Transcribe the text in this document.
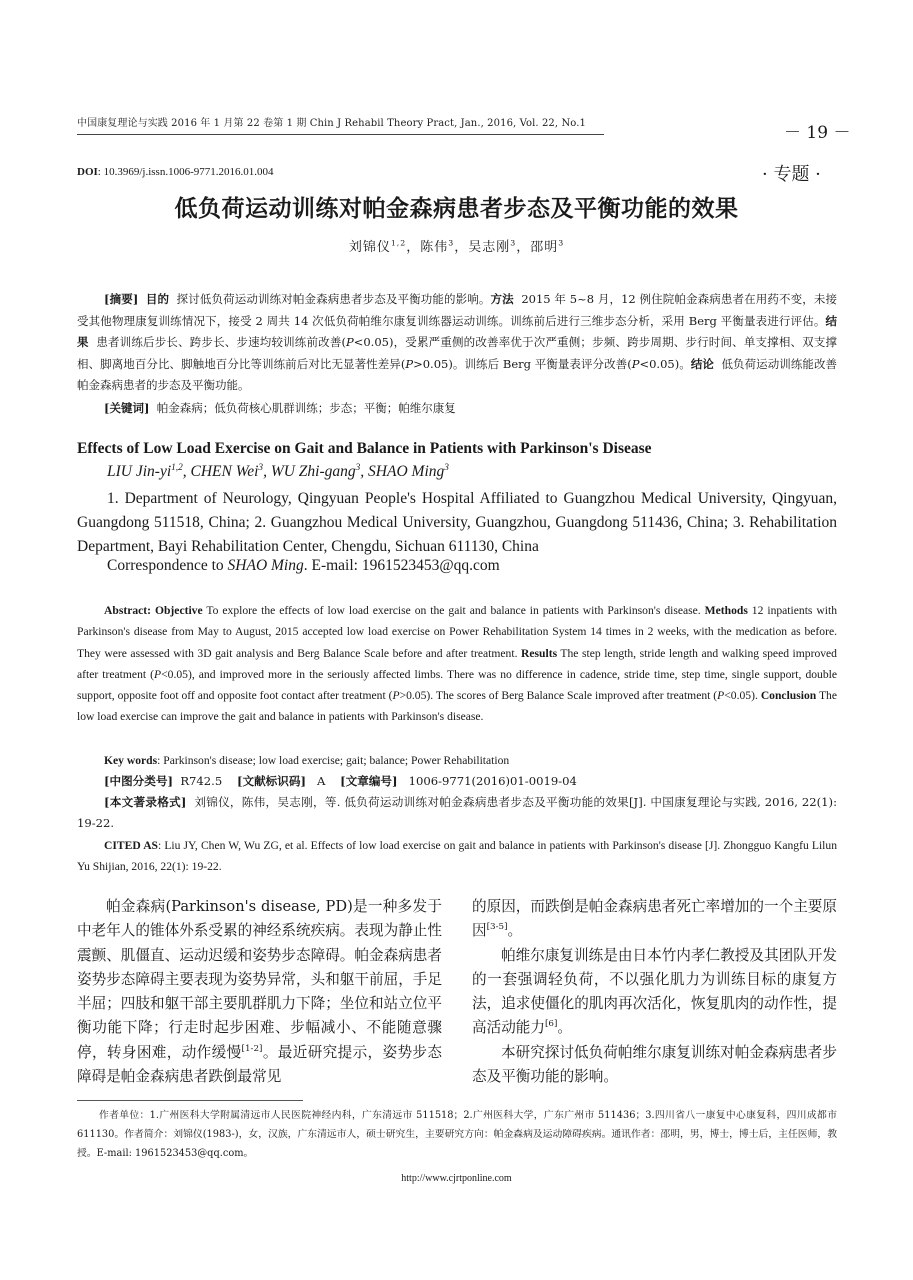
中国康复理论与实践 2016 年 1 月第 22 卷第 1 期 Chin J Rehabil Theory Pract, Jan., 2016, Vol. 22, No.1	－ 19 －
DOI: 10.3969/j.issn.1006-9771.2016.01.004	· 专题 ·
低负荷运动训练对帕金森病患者步态及平衡功能的效果
刘锦仪$^{1,2}$，陈伟$^3$，吴志刚$^3$，邵明$^3$
[摘要] 目的 探讨低负荷运动训练对帕金森病患者步态及平衡功能的影响。方法 2015 年 5~8 月，12 例住院帕金森病患者在用药不变，未接受其他物理康复训练情况下，接受 2 周共 14 次低负荷帕维尔康复训练器运动训练。训练前后进行三维步态分析，采用 Berg 平衡量表进行评估。结果 患者训练后步长、跨步长、步速均较训练前改善(P<0.05)，受累严重侧的改善率优于次严重侧；步频、跨步周期、步行时间、单支撑相、双支撑相、脚离地百分比、脚触地百分比等训练前后对比无显著性差异(P>0.05)。训练后 Berg 平衡量表评分改善(P<0.05)。结论 低负荷运动训练能改善帕金森病患者的步态及平衡功能。
[关键词] 帕金森病；低负荷核心肌群训练；步态；平衡；帕维尔康复
Effects of Low Load Exercise on Gait and Balance in Patients with Parkinson's Disease
LIU Jin-yi$^{1,2}$, CHEN Wei$^3$, WU Zhi-gang$^3$, SHAO Ming$^3$
1. Department of Neurology, Qingyuan People's Hospital Affiliated to Guangzhou Medical University, Qingyuan, Guangdong 511518, China; 2. Guangzhou Medical University, Guangzhou, Guangdong 511436, China; 3. Rehabilitation Department, Bayi Rehabilitation Center, Chengdu, Sichuan 611130, China
Correspondence to SHAO Ming. E-mail: 1961523453@qq.com
Abstract: Objective To explore the effects of low load exercise on the gait and balance in patients with Parkinson's disease. Methods 12 inpatients with Parkinson's disease from May to August, 2015 accepted low load exercise on Power Rehabilitation System 14 times in 2 weeks, with the medication as before. They were assessed with 3D gait analysis and Berg Balance Scale before and after treatment. Results The step length, stride length and walking speed improved after treatment (P<0.05), and improved more in the seriously affected limbs. There was no difference in cadence, stride time, step time, single support, double support, opposite foot off and opposite foot contact after treatment (P>0.05). The scores of Berg Balance Scale improved after treatment (P<0.05). Conclusion The low load exercise can improve the gait and balance in patients with Parkinson's disease.
Key words: Parkinson's disease; low load exercise; gait; balance; Power Rehabilitation
[中图分类号] R742.5 [文献标识码] A [文章编号] 1006-9771(2016)01-0019-04
[本文著录格式] 刘锦仪，陈伟，吴志刚，等. 低负荷运动训练对帕金森病患者步态及平衡功能的效果[J]. 中国康复理论与实践, 2016, 22(1): 19-22.
CITED AS: Liu JY, Chen W, Wu ZG, et al. Effects of low load exercise on gait and balance in patients with Parkinson's disease [J]. Zhongguo Kangfu Lilun Yu Shijian, 2016, 22(1): 19-22.

帕金森病(Parkinson's disease, PD)是一种多发于中老年人的锥体外系受累的神经系统疾病。表现为静止性震颤、肌僵直、运动迟缓和姿势步态障碍。帕金森病患者姿势步态障碍主要表现为姿势异常，头和躯干前屈，手足半屈；四肢和躯干部主要肌群肌力下降；坐位和站立位平衡功能下降；行走时起步困难、步幅减小、不能随意骤停，转身困难，动作缓慢[1-2]。最近研究提示，姿势步态障碍是帕金森病患者跌倒最常见

的原因，而跌倒是帕金森病患者死亡率增加的一个主要原因[3-5]。

帕维尔康复训练是由日本竹内孝仁教授及其团队开发的一套强调轻负荷，不以强化肌力为训练目标的康复方法，追求使僵化的肌肉再次活化，恢复肌肉的动作性，提高活动能力[6]。

本研究探讨低负荷帕维尔康复训练对帕金森病患者步态及平衡功能的影响。

作者单位：1.广州医科大学附属清远市人民医院神经内科，广东清远市 511518；2.广州医科大学，广东广州市 511436；3.四川省八一康复中心康复科，四川成都市 611130。作者简介：刘锦仪(1983-)，女，汉族，广东清远市人，硕士研究生，主要研究方向：帕金森病及运动障碍疾病。通讯作者：邵明，男，博士，博士后，主任医师，教授。E-mail: 1961523453@qq.com。
http://www.cjrtponline.com
